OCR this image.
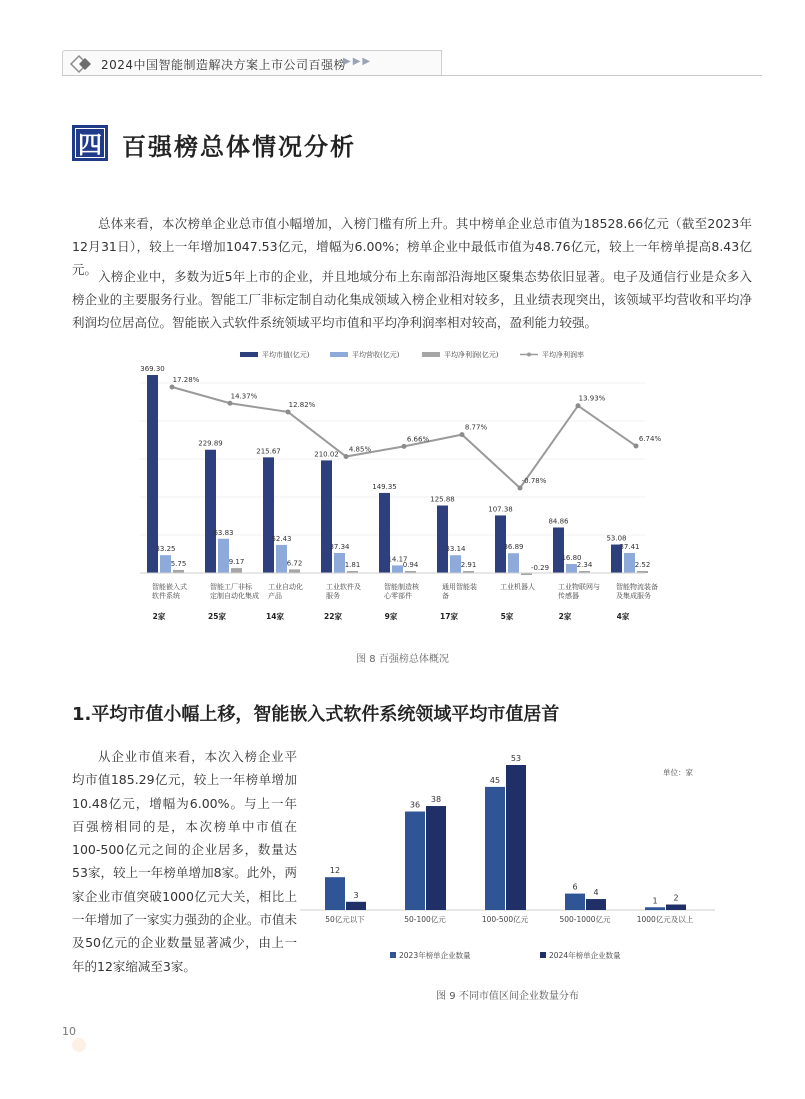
2024中国智能制造解决方案上市公司百强榜
▶▶▶
四 百强榜总体情况分析

总体来看，本次榜单企业总市值小幅增加，入榜门槛有所上升。其中榜单企业总市值为18528.66亿元（截至2023年12月31日），较上一年增加1047.53亿元，增幅为6.00%；榜单企业中最低市值为48.76亿元，较上一年榜单提高8.43亿元。 入榜企业中，多数为近5年上市的企业，并且地域分布上东南部沿海地区聚集态势依旧显著。电子及通信行业是众多入榜企业的主要服务行业。智能工厂非标定制自动化集成领域入榜企业相对较多，且业绩表现突出，该领域平均营收和平均净利润均位居高位。智能嵌入式软件系统领域平均市值和平均净利润率相对较高，盈利能力较强。

平均市值(亿元)	平均营收(亿元)	平均净利润(亿元)	平均净利润率
369.30
33.25
5.75
智能嵌入式
软件系统
2家
229.89
63.83
9.17
智能工厂非标
定制自动化集成
25家
215.67
52.43
6.72
工业自动化
产品
14家
210.02
37.34
1.81
工业软件及
服务
22家
149.35
14.17
0.94
智能制造核
心零部件
9家
125.88
33.14
2.91
通用智能装
备
17家
107.38
36.89
-0.29
工业机器人
5家
84.86
16.80
2.34
工业物联网与
传感器
2家
53.08
37.41
2.52
智能物流装备
及集成服务
4家
17.28%
14.37%
12.82%
4.85%
6.66%
8.77%
-0.78%
13.93%
6.74%
图 8 百强榜总体概况
1.平均市值小幅上移，智能嵌入式软件系统领域平均市值居首

从企业市值来看，本次入榜企业平均市值185.29亿元，较上一年榜单增加10.48亿元，增幅为6.00%。与上一年百强榜相同的是，本次榜单中市值在100-500亿元之间的企业居多，数量达53家，较上一年榜单增加8家。此外，两家企业市值突破1000亿元大关，相比上一年增加了一家实力强劲的企业。市值未及50亿元的企业数量显著减少，由上一年的12家缩减至3家。

单位：家
12
3
50亿元以下
36
38
50-100亿元
45
53
100-500亿元
6
4
500-1000亿元
1 2
1000亿元及以上
2023年榜单企业数量	2024年榜单企业数量
图 9 不同市值区间企业数量分布
10
